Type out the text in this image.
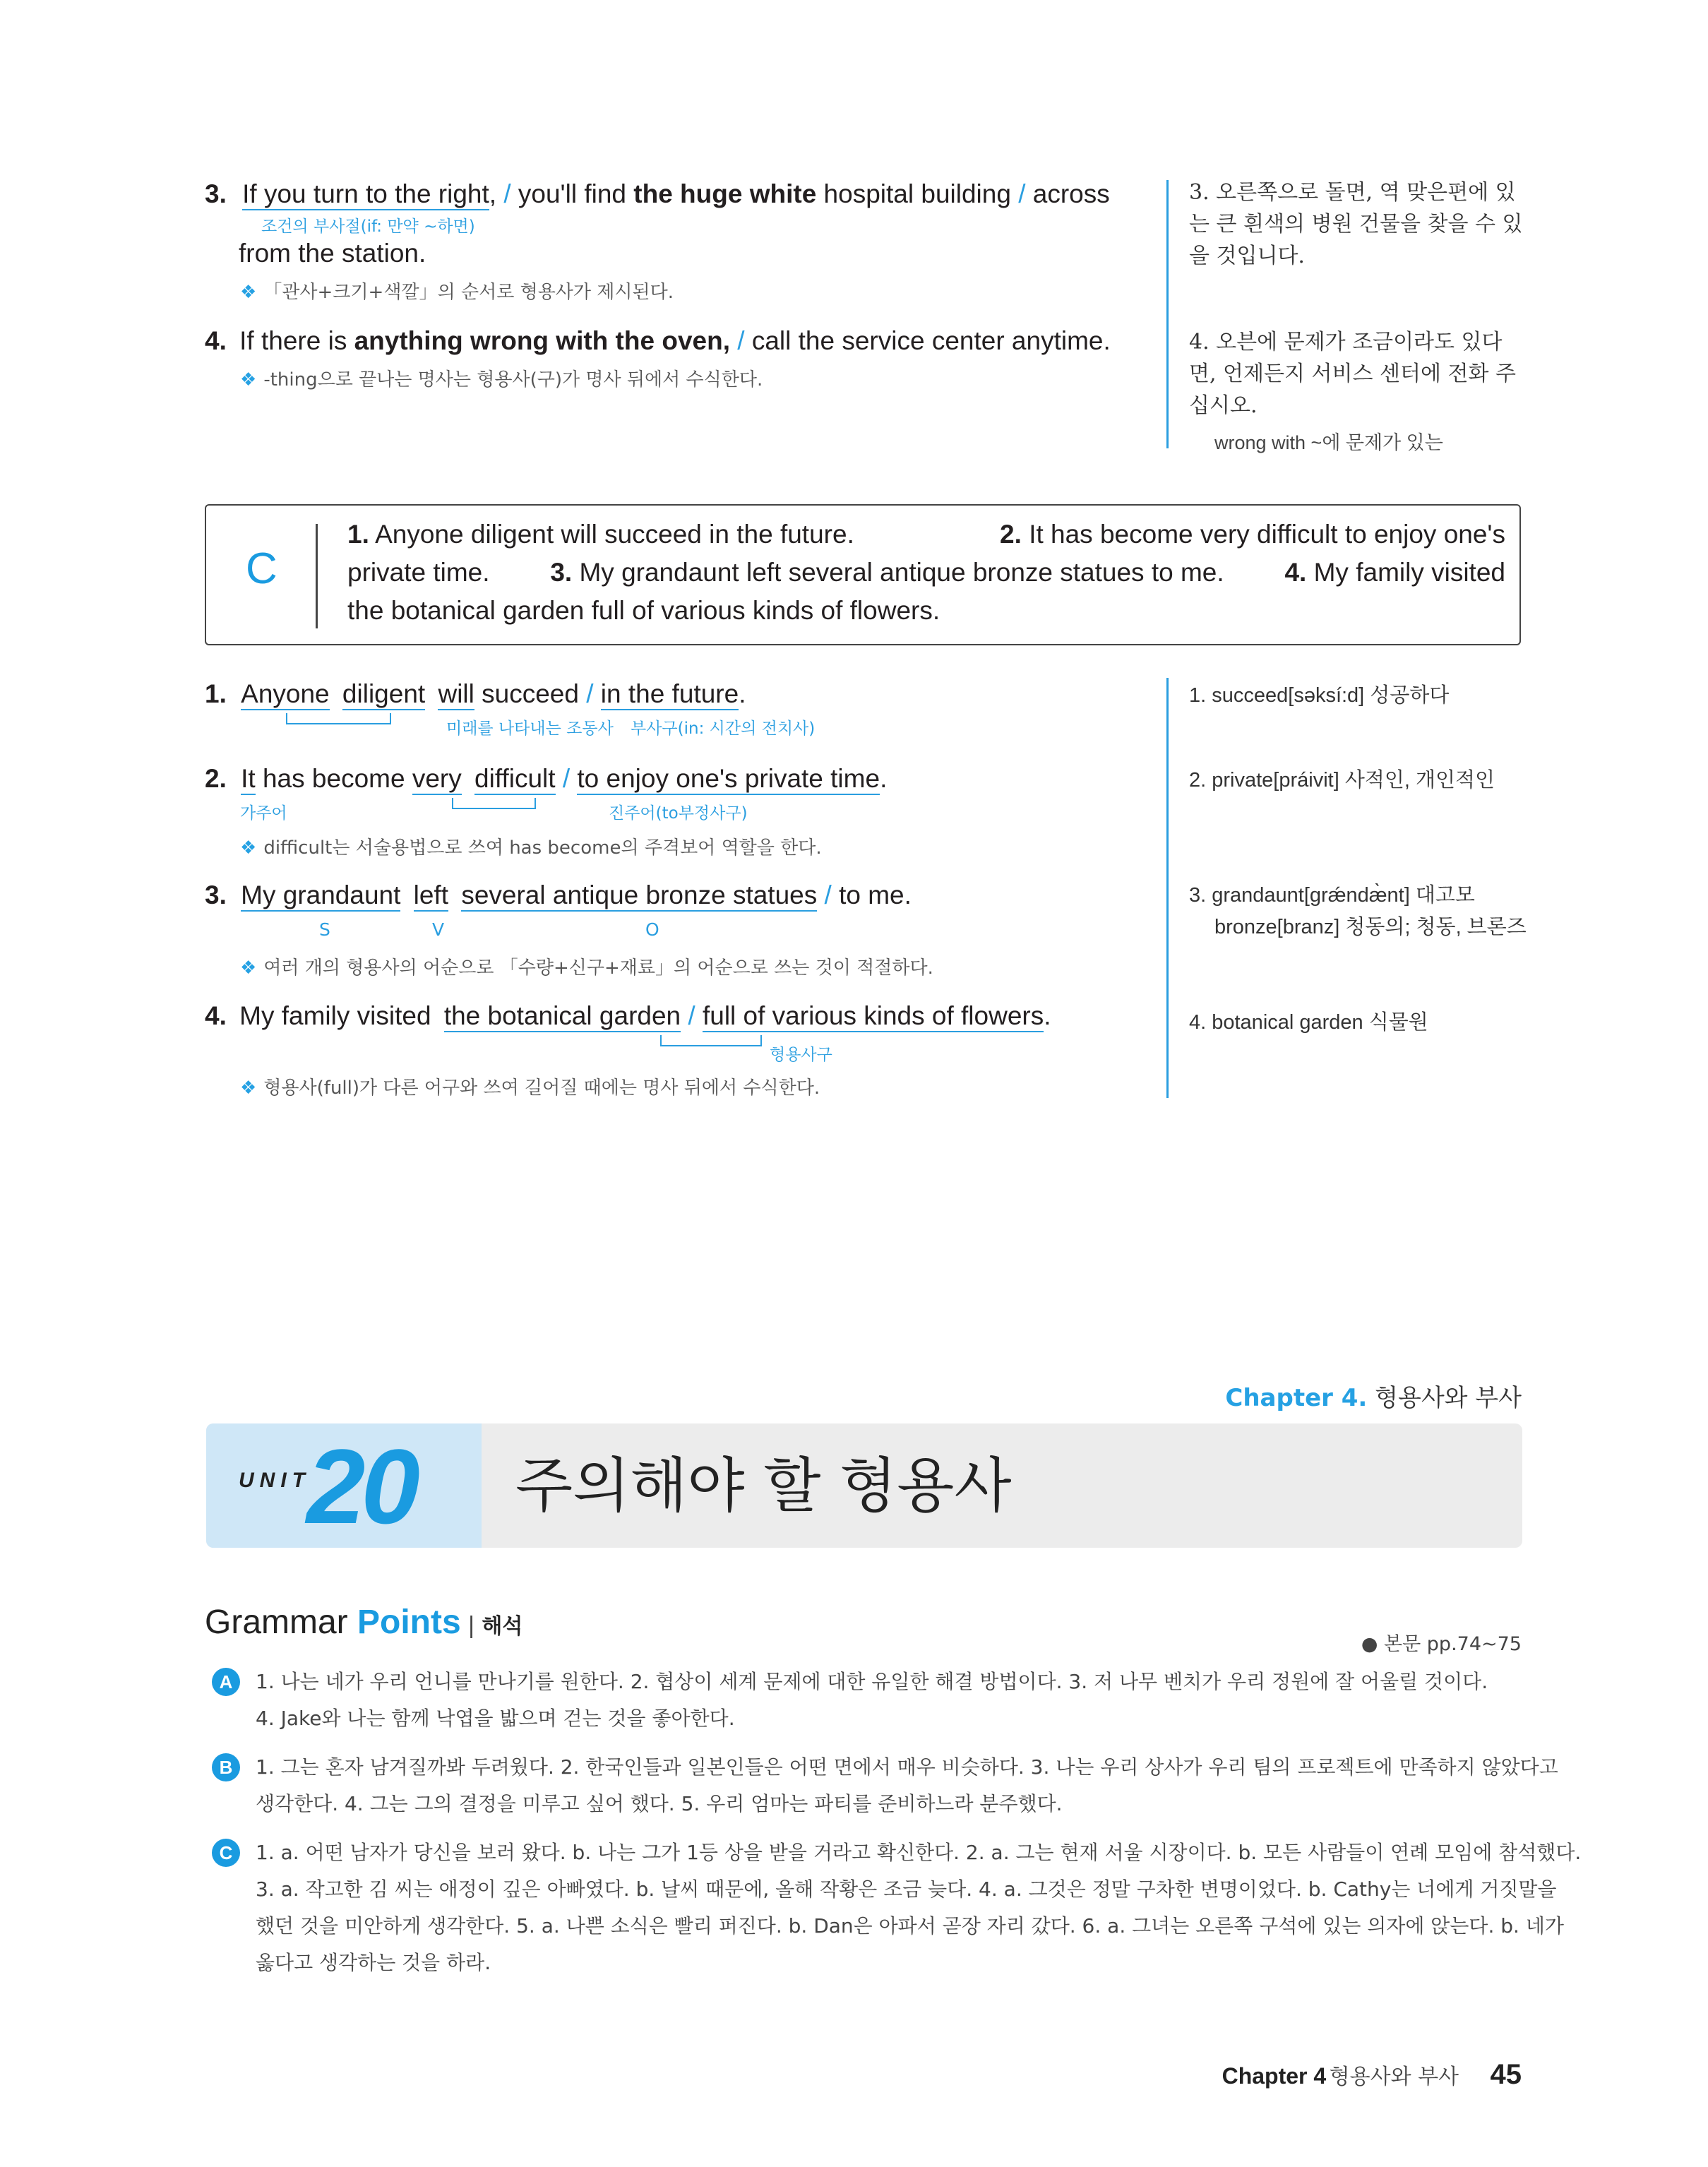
3. If you turn to the right, / you'll find the huge white hospital building / across
조건의 부사절(if: 만약 ~하면)
from the station.
❖ 「관사+크기+색깔」의 순서로 형용사가 제시된다.
4. If there is anything wrong with the oven, / call the service center anytime.
❖ -thing으로 끝나는 명사는 형용사(구)가 명사 뒤에서 수식한다.
3. 오른쪽으로 돌면, 역 맞은편에 있는 큰 흰색의 병원 건물을 찾을 수 있을 것입니다.
4. 오븐에 문제가 조금이라도 있다면, 언제든지 서비스 센터에 전화 주십시오.
wrong with ~에 문제가 있는
C
1. Anyone diligent will succeed in the future.	2. It has become very difficult to enjoy one's
private time. 3. My grandaunt left several antique bronze statues to me. 4. My family visited
the botanical garden full of various kinds of flowers.
1. Anyone diligent will succeed / in the future.
미래를 나타내는 조동사 부사구(in: 시간의 전치사)
2. It has become very difficult / to enjoy one's private time.
가주어	진주어(to부정사구)
❖ difficult는 서술용법으로 쓰여 has become의 주격보어 역할을 한다.
3. My grandaunt left several antique bronze statues / to me.
S	V	O
❖ 여러 개의 형용사의 어순으로 「수량+신구+재료」의 어순으로 쓰는 것이 적절하다.
4. My family visited the botanical garden / full of various kinds of flowers.
형용사구
❖ 형용사(full)가 다른 어구와 쓰여 길어질 때에는 명사 뒤에서 수식한다.
1. succeed[səksí:d] 성공하다
2. private[práivit] 사적인, 개인적인
3. grandaunt[grǽndæ̀nt] 대고모
bronze[branz] 청동의; 청동, 브론즈
4. botanical garden 식물원
Chapter 4. 형용사와 부사
UNIT
20 주의해야 할 형용사
Grammar Points | 해석
● 본문 pp.74~75
A	1. 나는 네가 우리 언니를 만나기를 원한다. 2. 협상이 세계 문제에 대한 유일한 해결 방법이다. 3. 저 나무 벤치가 우리 정원에 잘 어울릴 것이다.
4. Jake와 나는 함께 낙엽을 밟으며 걷는 것을 좋아한다.
B	1. 그는 혼자 남겨질까봐 두려웠다. 2. 한국인들과 일본인들은 어떤 면에서 매우 비슷하다. 3. 나는 우리 상사가 우리 팀의 프로젝트에 만족하지 않았다고
생각한다. 4. 그는 그의 결정을 미루고 싶어 했다. 5. 우리 엄마는 파티를 준비하느라 분주했다.
C	1. a. 어떤 남자가 당신을 보러 왔다. b. 나는 그가 1등 상을 받을 거라고 확신한다. 2. a. 그는 현재 서울 시장이다. b. 모든 사람들이 연례 모임에 참석했다.
3. a. 작고한 김 씨는 애정이 깊은 아빠였다. b. 날씨 때문에, 올해 작황은 조금 늦다. 4. a. 그것은 정말 구차한 변명이었다. b. Cathy는 너에게 거짓말을
했던 것을 미안하게 생각한다. 5. a. 나쁜 소식은 빨리 퍼진다. b. Dan은 아파서 곧장 자리 갔다. 6. a. 그녀는 오른쪽 구석에 있는 의자에 앉는다. b. 네가
옳다고 생각하는 것을 하라.
Chapter 4 형용사와 부사 45
